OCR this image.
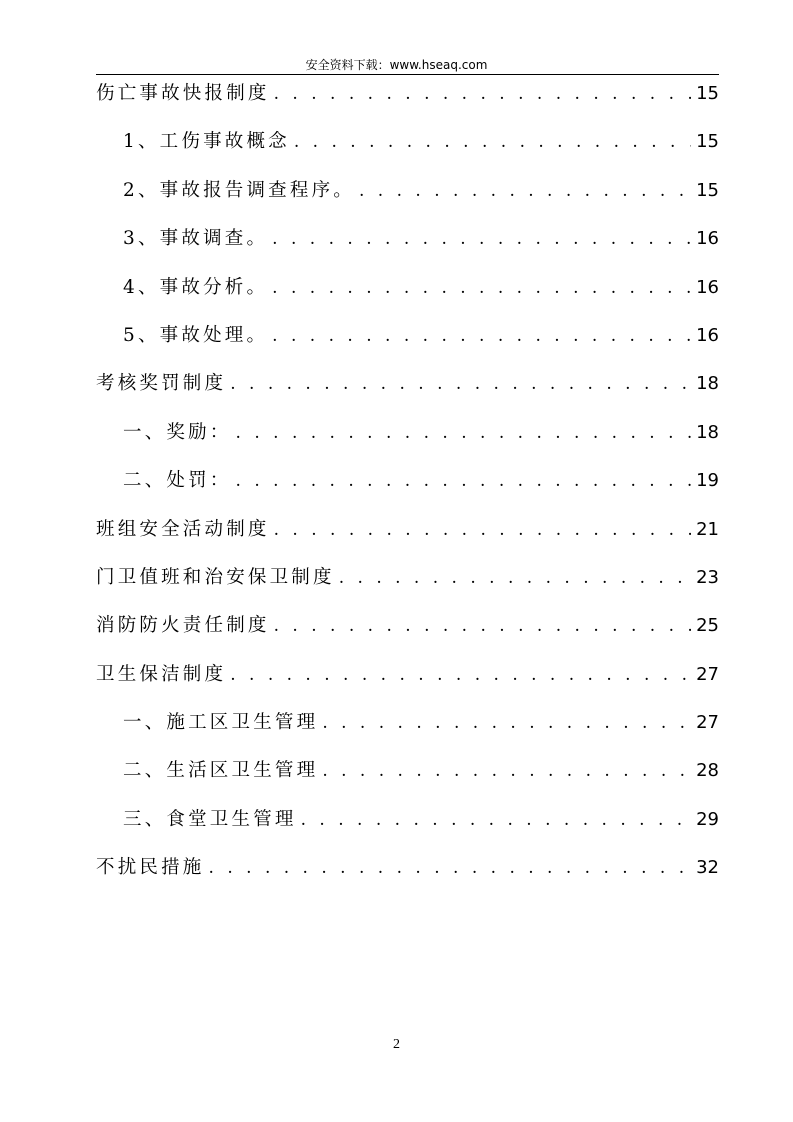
安全资料下载：www.hseaq.com
伤亡事故快报制度 . . .	15
1、工伤事故概念 . . .	15
2、事故报告调查程序。 . . .	15
3、事故调查。 . . .	16
4、事故分析。 . . .	16
5、事故处理。 . . .	16
考核奖罚制度 . . .	18
一、奖励： . . .	18
二、处罚： . . .	19
班组安全活动制度 . . .	21
门卫值班和治安保卫制度 . . .	23
消防防火责任制度 . . .	25
卫生保洁制度 . . .	27
一、施工区卫生管理 . . .	27
二、生活区卫生管理 . . .	28
三、食堂卫生管理 . . .	29
不扰民措施 . . .	32
2
